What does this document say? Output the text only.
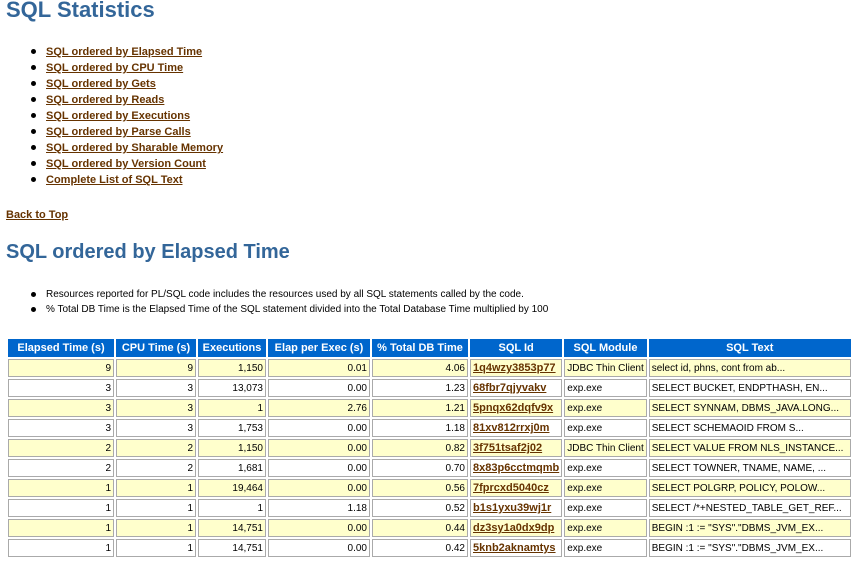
SQL Statistics
SQL ordered by Elapsed Time
SQL ordered by CPU Time
SQL ordered by Gets
SQL ordered by Reads
SQL ordered by Executions
SQL ordered by Parse Calls
SQL ordered by Sharable Memory
SQL ordered by Version Count
Complete List of SQL Text
Back to Top
SQL ordered by Elapsed Time
Resources reported for PL/SQL code includes the resources used by all SQL statements called by the code.
% Total DB Time is the Elapsed Time of the SQL statement divided into the Total Database Time multiplied by 100
Elapsed Time (s)	CPU Time (s)	Executions	Elap per Exec (s)	% Total DB Time	SQL Id	SQL Module	SQL Text
9	9	1,150	0.01	4.06	1q4wzy3853p77	JDBC Thin Client	select id, phns, cont from ab...
3	3	13,073	0.00	1.23	68fbr7qjyvakv	exp.exe	SELECT BUCKET, ENDPTHASH, EN...
3	3	1	2.76	1.21	5pnqx62dqfv9x	exp.exe	SELECT SYNNAM, DBMS_JAVA.LONG...
3	3	1,753	0.00	1.18	81xv812rrxj0m	exp.exe	SELECT SCHEMAOID FROM S...
2	2	1,150	0.00	0.82	3f751tsaf2j02	JDBC Thin Client	SELECT VALUE FROM NLS_INSTANCE...
2	2	1,681	0.00	0.70	8x83p6cctmqmb	exp.exe	SELECT TOWNER, TNAME, NAME, ...
1	1	19,464	0.00	0.56	7fprcxd5040cz	exp.exe	SELECT POLGRP, POLICY, POLOW...
1	1	1	1.18	0.52	b1s1yxu39wj1r	exp.exe	SELECT /*+NESTED_TABLE_GET_REF...
1	1	14,751	0.00	0.44	dz3sy1a0dx9dp	exp.exe	BEGIN :1 := "SYS"."DBMS_JVM_EX...
1	1	14,751	0.00	0.42	5knb2aknamtys	exp.exe	BEGIN :1 := "SYS"."DBMS_JVM_EX...
